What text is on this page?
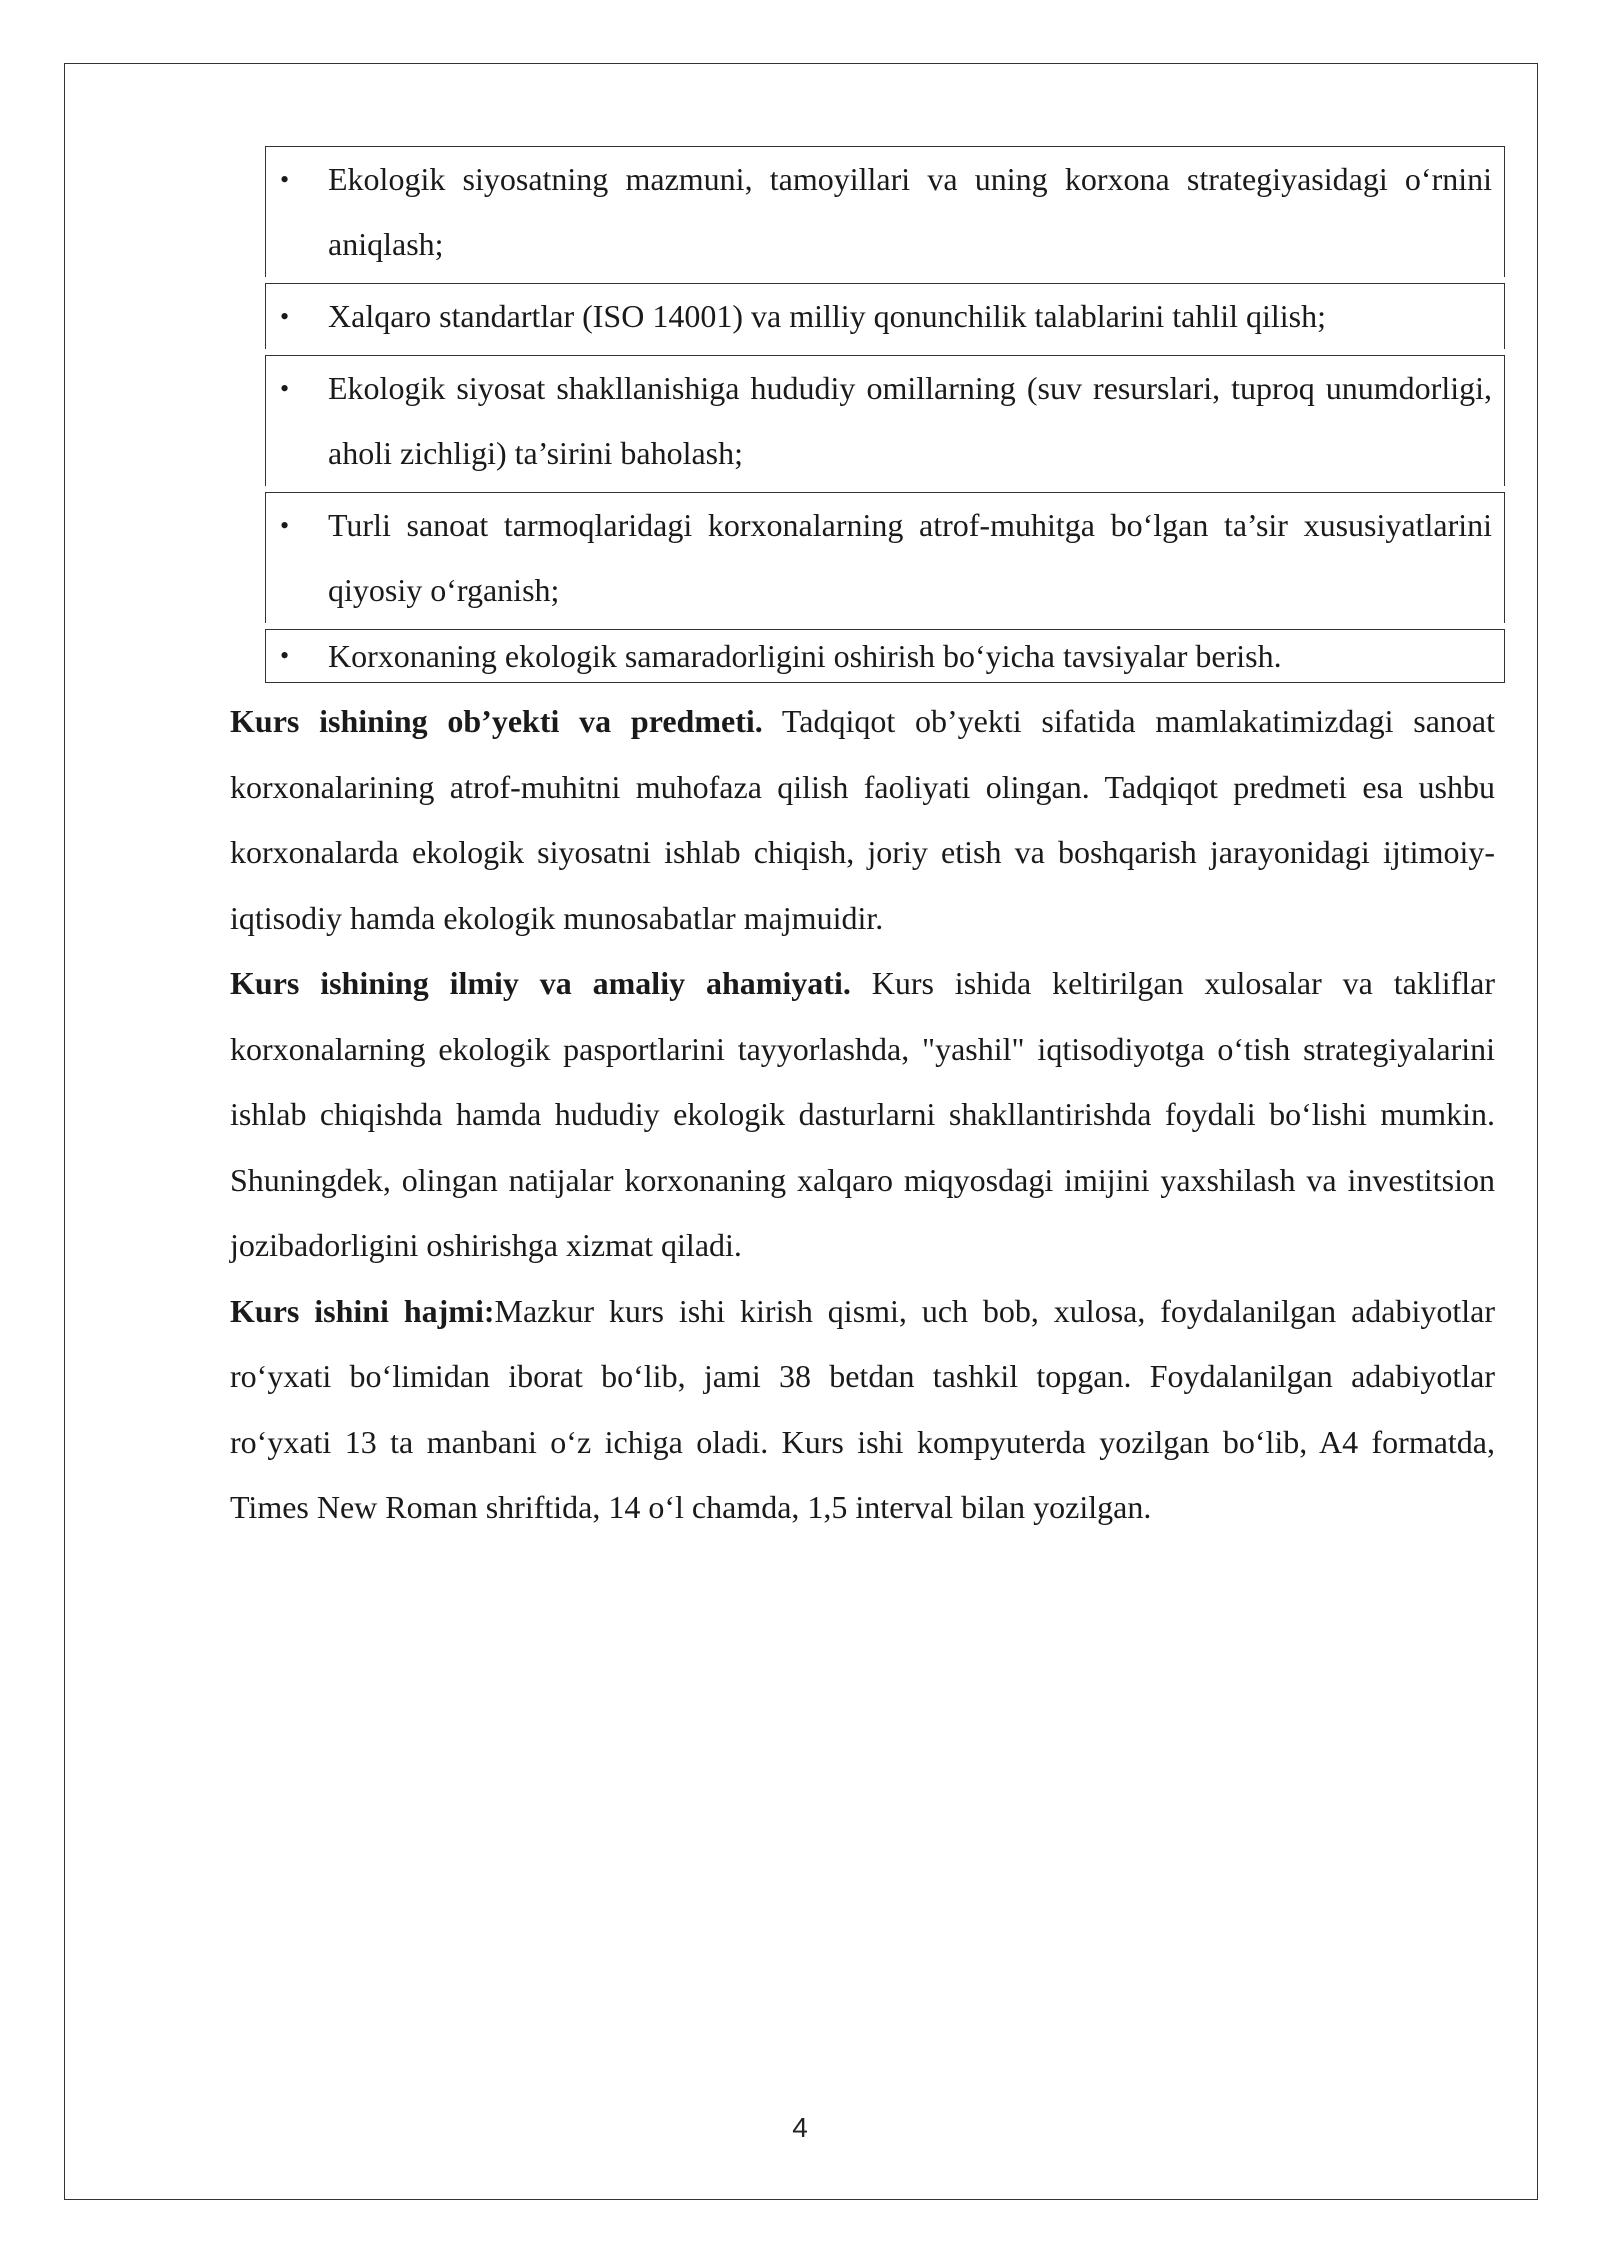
• Ekologik siyosatning mazmuni, tamoyillari va uning korxona strategiyasidagi o‘rnini aniqlash;
• Xalqaro standartlar (ISO 14001) va milliy qonunchilik talablarini tahlil qilish;
• Ekologik siyosat shakllanishiga hududiy omillarning (suv resurslari, tuproq unumdorligi, aholi zichligi) ta’sirini baholash;
• Turli sanoat tarmoqlaridagi korxonalarning atrof-muhitga bo‘lgan ta’sir xususiyatlarini qiyosiy o‘rganish;
• Korxonaning ekologik samaradorligini oshirish bo‘yicha tavsiyalar berish.

Kurs ishining ob’yekti va predmeti. Tadqiqot ob’yekti sifatida mamlakatimizdagi sanoat korxonalarining atrof-muhitni muhofaza qilish faoliyati olingan. Tadqiqot predmeti esa ushbu korxonalarda ekologik siyosatni ishlab chiqish, joriy etish va boshqarish jarayonidagi ijtimoiy-iqtisodiy hamda ekologik munosabatlar majmuidir.

Kurs ishining ilmiy va amaliy ahamiyati. Kurs ishida keltirilgan xulosalar va takliflar korxonalarning ekologik pasportlarini tayyorlashda, "yashil" iqtisodiyotga o‘tish strategiyalarini ishlab chiqishda hamda hududiy ekologik dasturlarni shakllantirishda foydali bo‘lishi mumkin. Shuningdek, olingan natijalar korxonaning xalqaro miqyosdagi imijini yaxshilash va investitsion jozibadorligini oshirishga xizmat qiladi.

Kurs ishini hajmi:Mazkur kurs ishi kirish qismi, uch bob, xulosa, foydalanilgan adabiyotlar ro‘yxati bo‘limidan iborat bo‘lib, jami 38 betdan tashkil topgan. Foydalanilgan adabiyotlar ro‘yxati 13 ta manbani o‘z ichiga oladi. Kurs ishi kompyuterda yozilgan bo‘lib, A4 formatda, Times New Roman shriftida, 14 o‘l chamda, 1,5 interval bilan yozilgan.

4
